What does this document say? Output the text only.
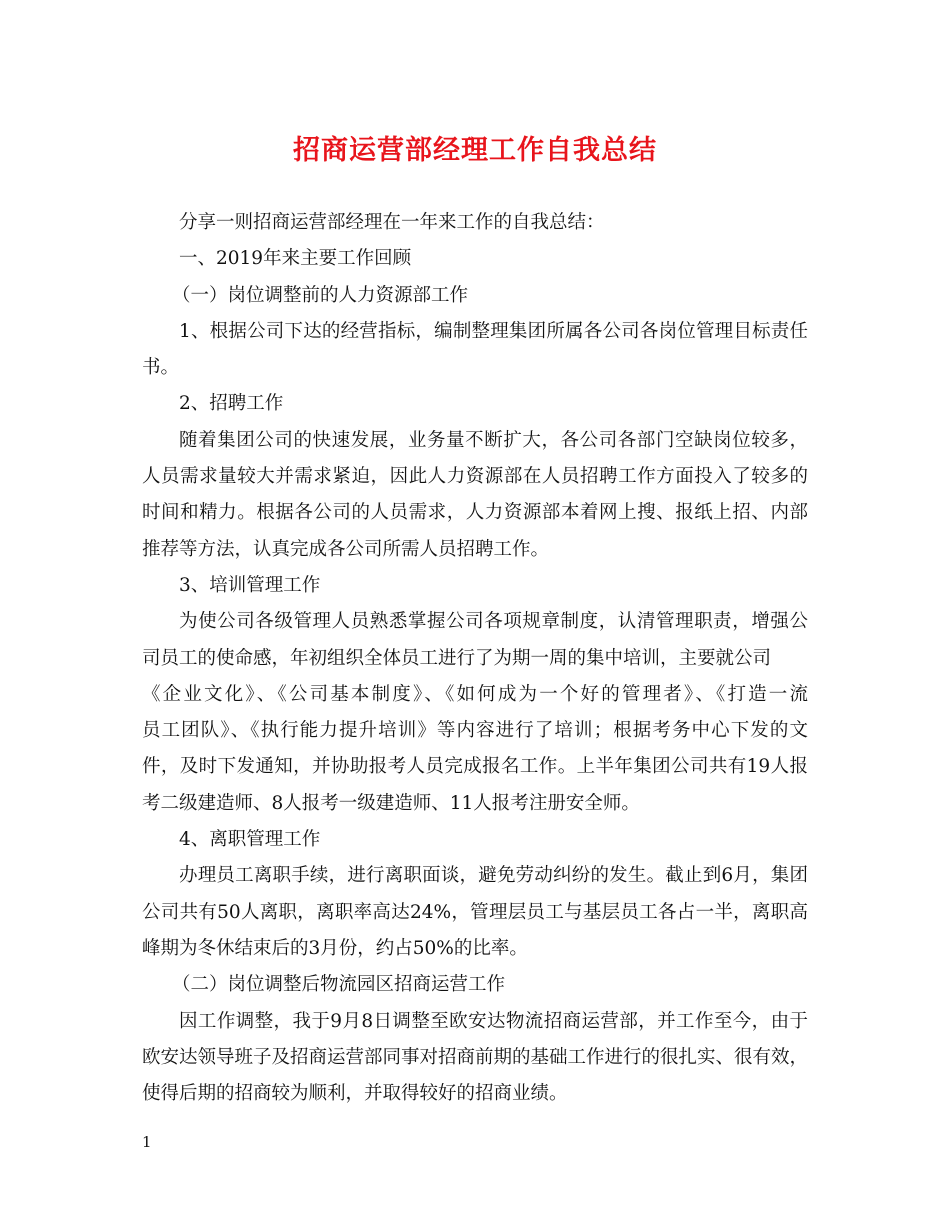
招商运营部经理工作自我总结
分享一则招商运营部经理在一年来工作的自我总结：
一、2019年来主要工作回顾
（一）岗位调整前的人力资源部工作
1、根据公司下达的经营指标，编制整理集团所属各公司各岗位管理目标责任
书。
2、招聘工作
随着集团公司的快速发展，业务量不断扩大，各公司各部门空缺岗位较多，
人员需求量较大并需求紧迫，因此人力资源部在人员招聘工作方面投入了较多的
时间和精力。根据各公司的人员需求，人力资源部本着网上搜、报纸上招、内部
推荐等方法，认真完成各公司所需人员招聘工作。
3、培训管理工作
为使公司各级管理人员熟悉掌握公司各项规章制度，认清管理职责，增强公
司员工的使命感，年初组织全体员工进行了为期一周的集中培训，主要就公司
《企业文化》、《公司基本制度》、《如何成为一个好的管理者》、《打造一流
员工团队》、《执行能力提升培训》等内容进行了培训；根据考务中心下发的文
件，及时下发通知，并协助报考人员完成报名工作。上半年集团公司共有19人报
考二级建造师、8人报考一级建造师、11人报考注册安全师。
4、离职管理工作
办理员工离职手续，进行离职面谈，避免劳动纠纷的发生。截止到6月，集团
公司共有50人离职，离职率高达24%，管理层员工与基层员工各占一半，离职高
峰期为冬休结束后的3月份，约占50%的比率。
（二）岗位调整后物流园区招商运营工作
因工作调整，我于9月8日调整至欧安达物流招商运营部，并工作至今，由于
欧安达领导班子及招商运营部同事对招商前期的基础工作进行的很扎实、很有效，
使得后期的招商较为顺利，并取得较好的招商业绩。
1
